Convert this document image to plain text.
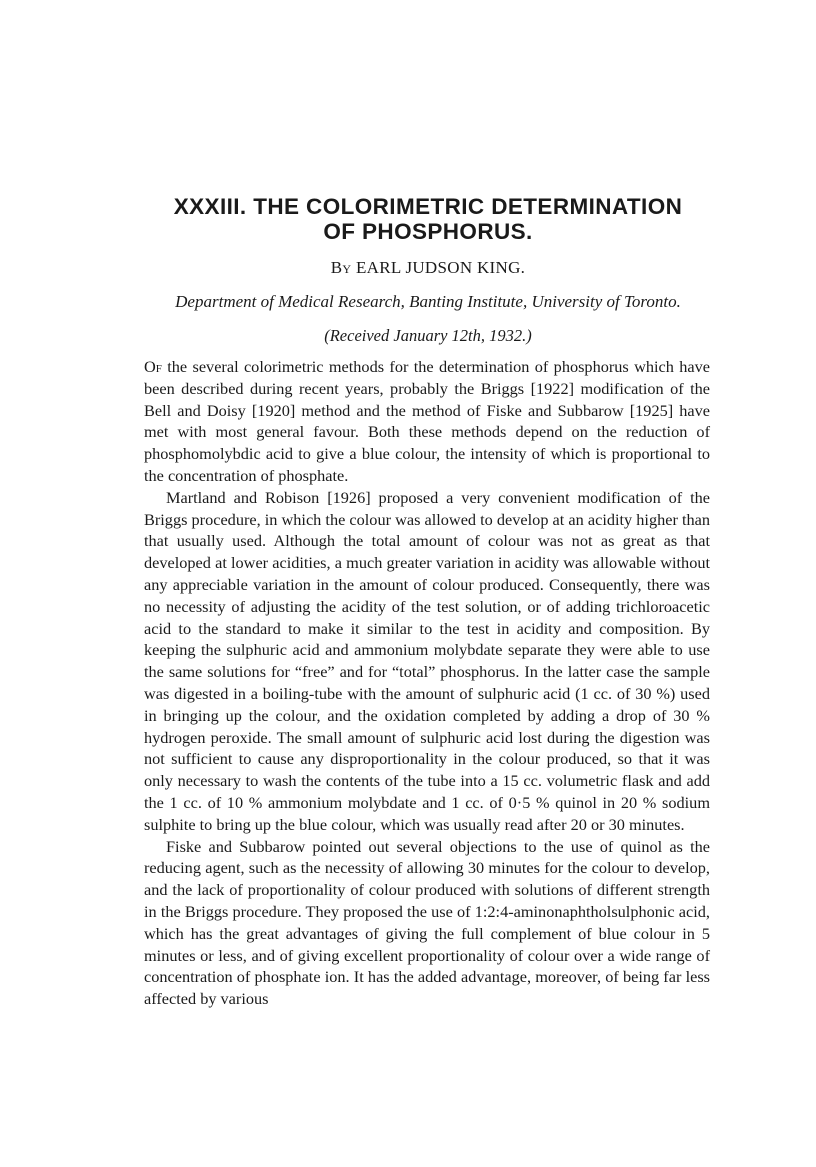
XXXIII. THE COLORIMETRIC DETERMINATION
OF PHOSPHORUS.
By EARL JUDSON KING.
Department of Medical Research, Banting Institute, University of Toronto.
(Received January 12th, 1932.)

Of the several colorimetric methods for the determination of phosphorus which have been described during recent years, probably the Briggs [1922] modification of the Bell and Doisy [1920] method and the method of Fiske and Subbarow [1925] have met with most general favour. Both these methods depend on the reduction of phosphomolybdic acid to give a blue colour, the intensity of which is proportional to the concentration of phosphate.

Martland and Robison [1926] proposed a very convenient modification of the Briggs procedure, in which the colour was allowed to develop at an acidity higher than that usually used. Although the total amount of colour was not as great as that developed at lower acidities, a much greater variation in acidity was allowable without any appreciable variation in the amount of colour produced. Consequently, there was no necessity of adjusting the acidity of the test solution, or of adding trichloroacetic acid to the standard to make it similar to the test in acidity and composition. By keeping the sulphuric acid and ammonium molybdate separate they were able to use the same solutions for “free” and for “total” phosphorus. In the latter case the sample was digested in a boiling-tube with the amount of sulphuric acid (1 cc. of 30 %) used in bringing up the colour, and the oxidation completed by adding a drop of 30 % hydrogen peroxide. The small amount of sulphuric acid lost during the digestion was not sufficient to cause any disproportionality in the colour produced, so that it was only necessary to wash the contents of the tube into a 15 cc. volumetric flask and add the 1 cc. of 10 % ammonium molybdate and 1 cc. of 0·5 % quinol in 20 % sodium sulphite to bring up the blue colour, which was usually read after 20 or 30 minutes.

Fiske and Subbarow pointed out several objections to the use of quinol as the reducing agent, such as the necessity of allowing 30 minutes for the colour to develop, and the lack of proportionality of colour produced with solutions of different strength in the Briggs procedure. They proposed the use of 1:2:4-aminonaphtholsulphonic acid, which has the great advantages of giving the full complement of blue colour in 5 minutes or less, and of giving excellent proportionality of colour over a wide range of concentration of phosphate ion. It has the added advantage, moreover, of being far less affected by various
